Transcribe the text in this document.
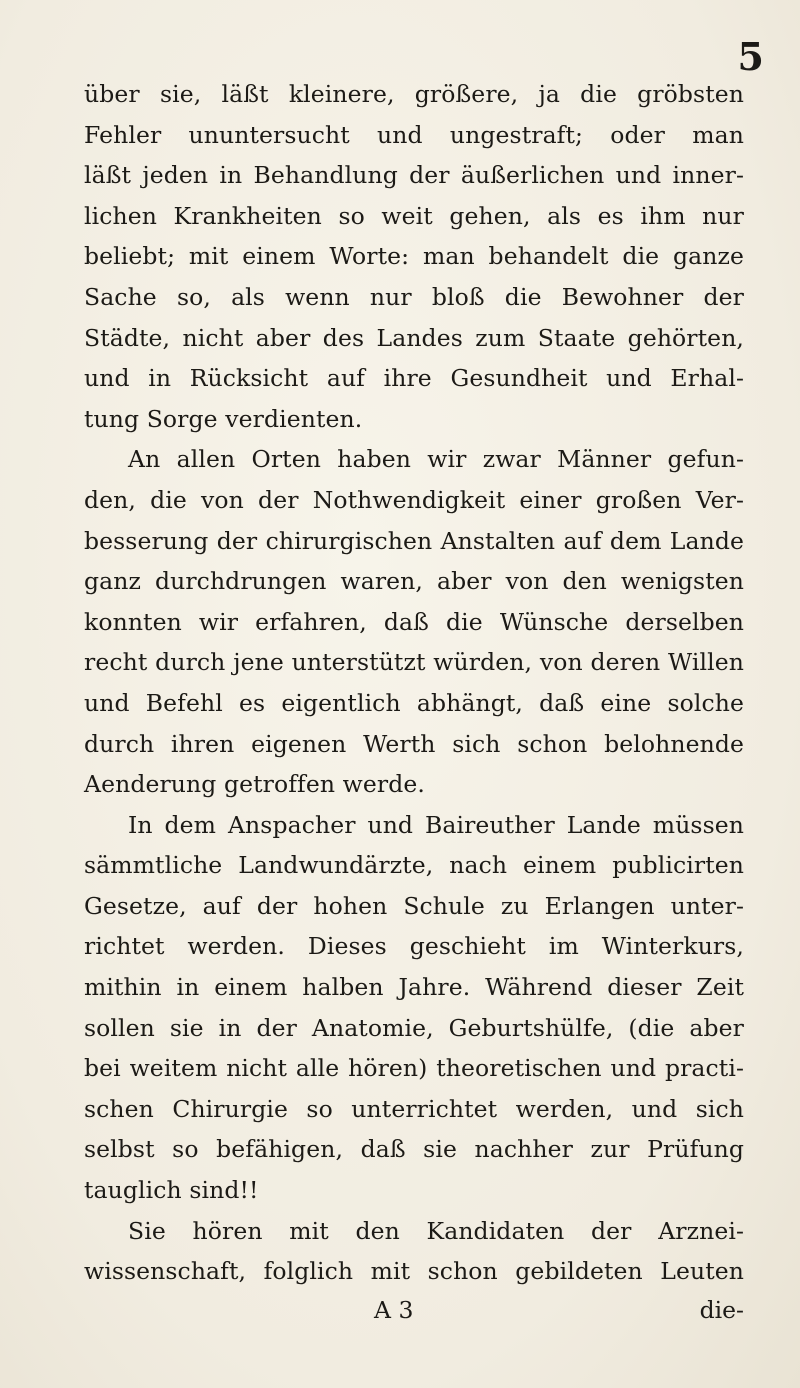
5
über sie, läßt kleinere, größere, ja die gröbsten
Fehler ununtersucht und ungestraft; oder man
läßt jeden in Behandlung der äußerlichen und inner-
lichen Krankheiten so weit gehen, als es ihm nur
beliebt; mit einem Worte: man behandelt die ganze
Sache so, als wenn nur bloß die Bewohner der
Städte, nicht aber des Landes zum Staate gehörten,
und in Rücksicht auf ihre Gesundheit und Erhal-
tung Sorge verdienten.
An allen Orten haben wir zwar Männer gefun-
den, die von der Nothwendigkeit einer großen Ver-
besserung der chirurgischen Anstalten auf dem Lande
ganz durchdrungen waren, aber von den wenigsten
konnten wir erfahren, daß die Wünsche derselben
recht durch jene unterstützt würden, von deren Willen
und Befehl es eigentlich abhängt, daß eine solche
durch ihren eigenen Werth sich schon belohnende
Aenderung getroffen werde.
In dem Anspacher und Baireuther Lande müssen
sämmtliche Landwundärzte, nach einem publicirten
Gesetze, auf der hohen Schule zu Erlangen unter-
richtet werden. Dieses geschieht im Winterkurs,
mithin in einem halben Jahre. Während dieser Zeit
sollen sie in der Anatomie, Geburtshülfe, (die aber
bei weitem nicht alle hören) theoretischen und practi-
schen Chirurgie so unterrichtet werden, und sich
selbst so befähigen, daß sie nachher zur Prüfung
tauglich sind!!
Sie hören mit den Kandidaten der Arznei-
wissenschaft, folglich mit schon gebildeten Leuten
A 3	die-
